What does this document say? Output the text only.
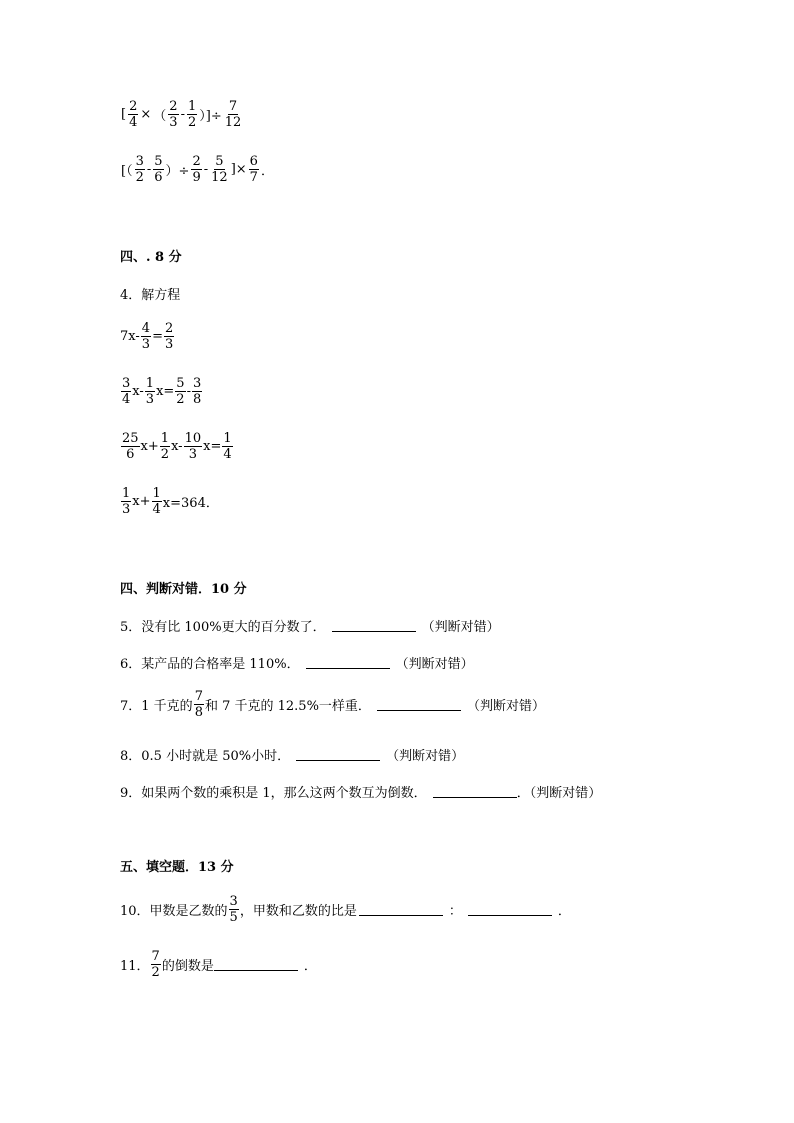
[ $\frac{2}{4}$ × （ $\frac{2}{3} - \frac{1}{2}$ ）]÷ $\frac{7}{12}$
[（ $\frac{3}{2} - \frac{5}{6}$ ）÷ $\frac{2}{9} - \frac{5}{12}$ ]× $\frac{6}{7}$ ．
四、. 8 分
4．解方程
$7x- \frac{4}{3} = \frac{2}{3}$
$\frac{3}{4} x- \frac{1}{3} x= \frac{5}{2} - \frac{3}{8}$
$\frac{25}{6} x+ \frac{1}{2} x- \frac{10}{3} x= \frac{1}{4}$
$\frac{1}{3} x+ \frac{1}{4} x=364$．
四、判断对错．10 分
5．没有比 100%更大的百分数了．	（判断对错）
6．某产品的合格率是 110%．	（判断对错）
7．1 千克的 $\frac{7}{8}$ 和 7 千克的 12.5%一样重．	（判断对错）
8．0.5 小时就是 50%小时．	（判断对错）
9．如果两个数的乘积是 1，那么这两个数互为倒数．	．（判断对错）
五、填空题．13 分
10．甲数是乙数的 $\frac{3}{5}$ ，甲数和乙数的比是	：	．
11． $\frac{7}{2}$ 的倒数是	．
